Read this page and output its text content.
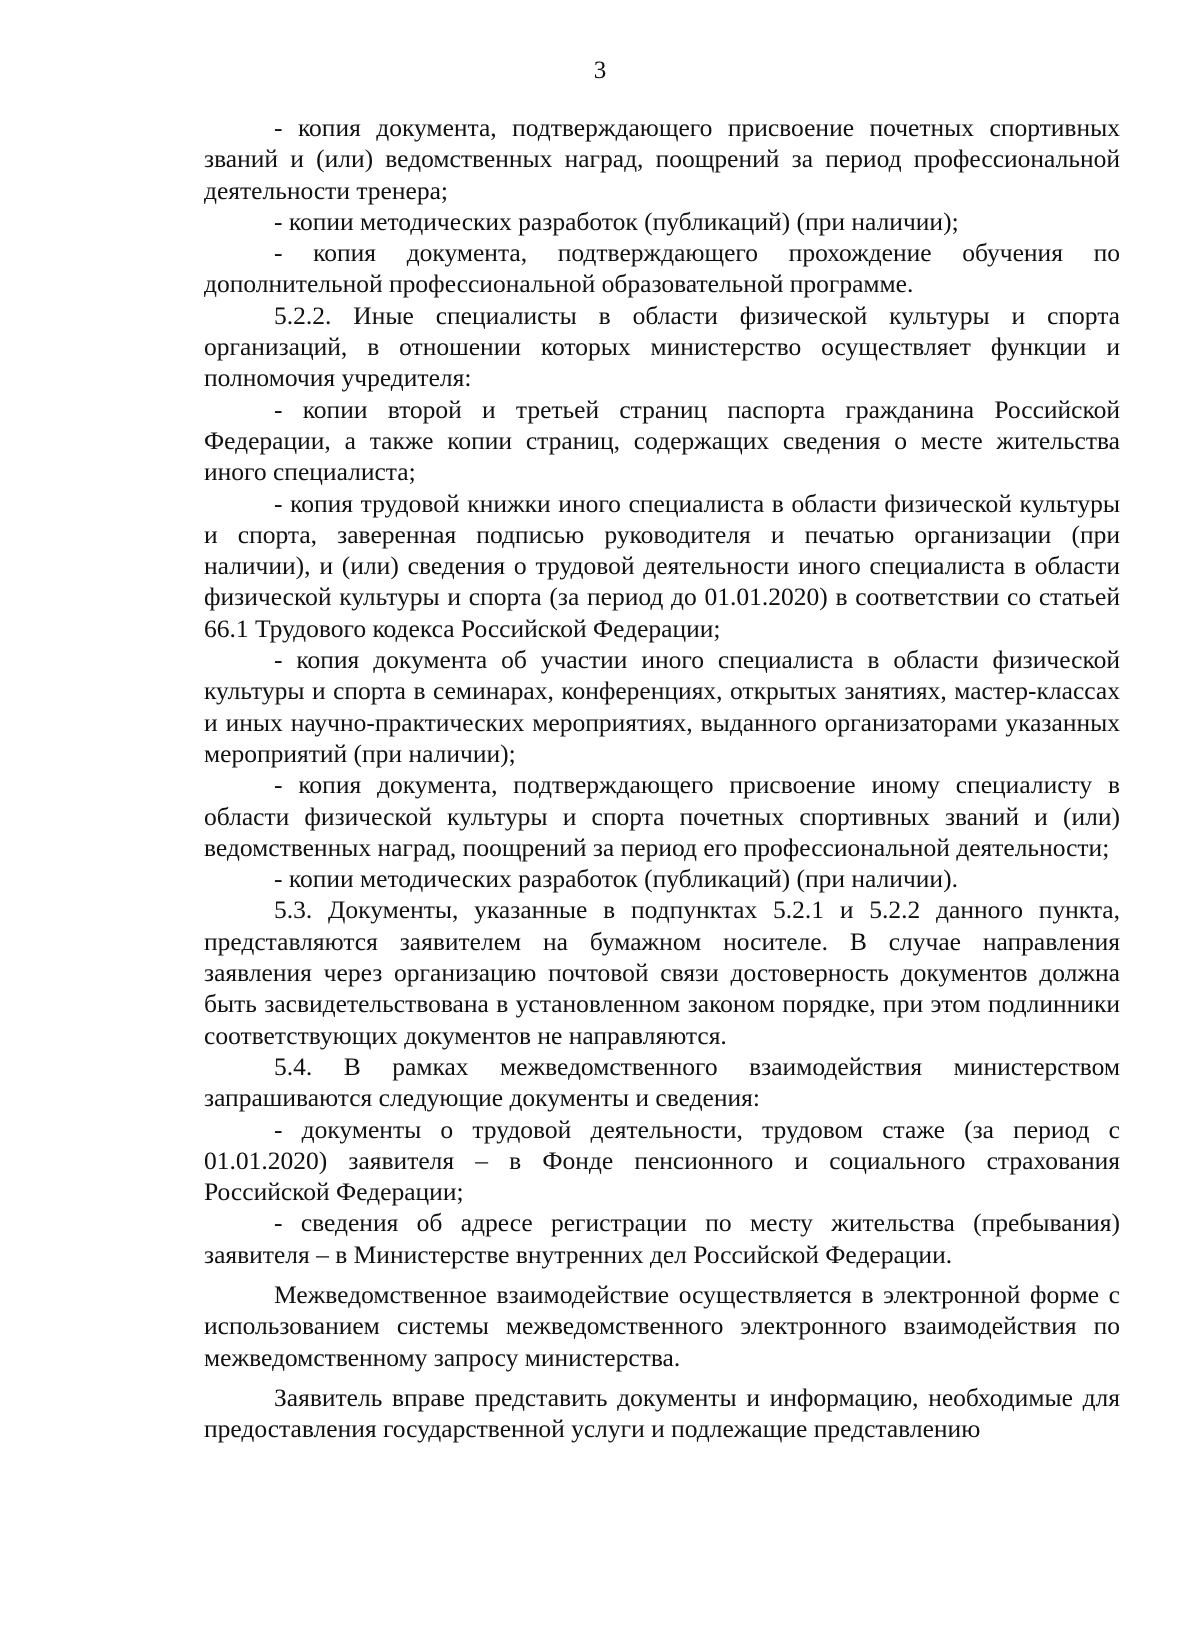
3

- копия документа, подтверждающего присвоение почетных спортивных званий и (или) ведомственных наград, поощрений за период профессиональной деятельности тренера;

- копии методических разработок (публикаций) (при наличии);

- копия документа, подтверждающего прохождение обучения по дополнительной профессиональной образовательной программе.

5.2.2. Иные специалисты в области физической культуры и спорта организаций, в отношении которых министерство осуществляет функции и полномочия учредителя:

- копии второй и третьей страниц паспорта гражданина Российской Федерации, а также копии страниц, содержащих сведения о месте жительства иного специалиста;

- копия трудовой книжки иного специалиста в области физической культуры и спорта, заверенная подписью руководителя и печатью организации (при наличии), и (или) сведения о трудовой деятельности иного специалиста в области физической культуры и спорта (за период до 01.01.2020) в соответствии со статьей 66.1 Трудового кодекса Российской Федерации;

- копия документа об участии иного специалиста в области физической культуры и спорта в семинарах, конференциях, открытых занятиях, мастер-классах и иных научно-практических мероприятиях, выданного организаторами указанных мероприятий (при наличии);

- копия документа, подтверждающего присвоение иному специалисту в области физической культуры и спорта почетных спортивных званий и (или) ведомственных наград, поощрений за период его профессиональной деятельности;

- копии методических разработок (публикаций) (при наличии).

5.3. Документы, указанные в подпунктах 5.2.1 и 5.2.2 данного пункта, представляются заявителем на бумажном носителе. В случае направления заявления через организацию почтовой связи достоверность документов должна быть засвидетельствована в установленном законом порядке, при этом подлинники соответствующих документов не направляются.

5.4. В рамках межведомственного взаимодействия министерством запрашиваются следующие документы и сведения:

- документы о трудовой деятельности, трудовом стаже (за период с 01.01.2020) заявителя – в Фонде пенсионного и социального страхования Российской Федерации;

- сведения об адресе регистрации по месту жительства (пребывания) заявителя – в Министерстве внутренних дел Российской Федерации.

Межведомственное взаимодействие осуществляется в электронной форме с использованием системы межведомственного электронного взаимодействия по межведомственному запросу министерства.

Заявитель вправе представить документы и информацию, необходимые для предоставления государственной услуги и подлежащие представлению
